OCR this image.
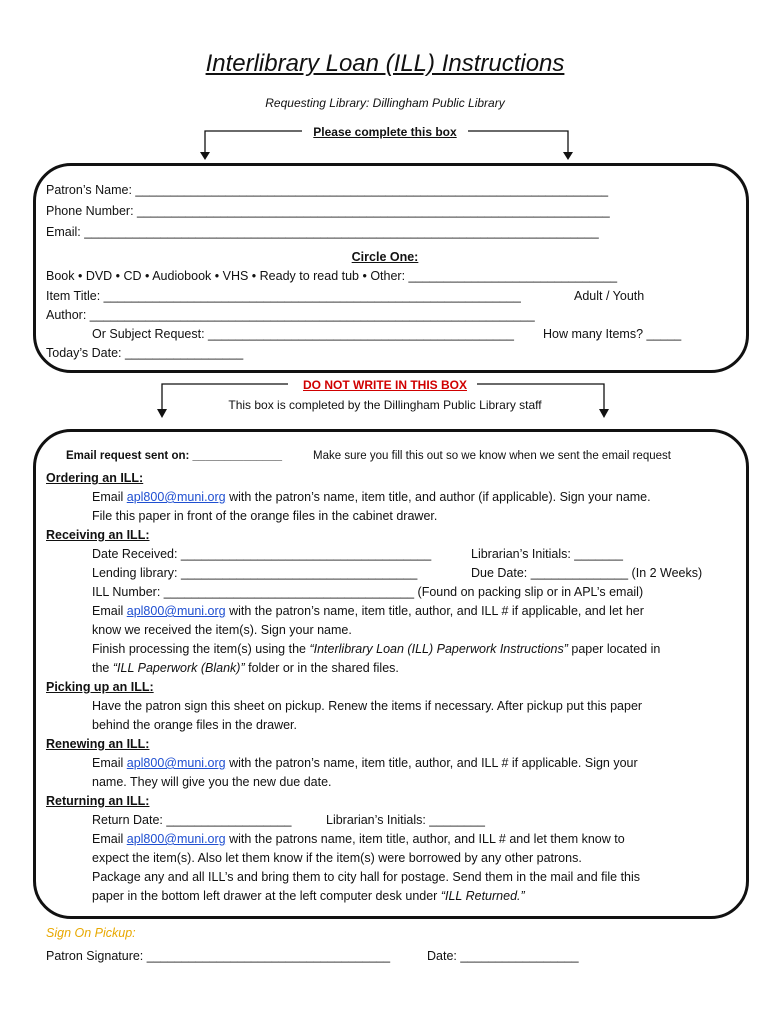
Interlibrary Loan (ILL) Instructions
Requesting Library: Dillingham Public Library
Please complete this box
Patron’s Name: ____________________________________________________________________
Phone Number: ____________________________________________________________________
Email: __________________________________________________________________________
Circle One:
Book • DVD • CD • Audiobook • VHS • Ready to read tub • Other: ______________________________
Item Title: ____________________________________________________________	Adult / Youth
Author: ________________________________________________________________
Or Subject Request: ____________________________________________ How many Items? _____
Today’s Date: _________________
DO NOT WRITE IN THIS BOX
This box is completed by the Dillingham Public Library staff
Email request sent on: ______________	Make sure you fill this out so we know when we sent the email request
Ordering an ILL:
Email apl800@muni.org with the patron’s name, item title, and author (if applicable). Sign your name.
File this paper in front of the orange files in the cabinet drawer.
Receiving an ILL:
Date Received: ____________________________________	Librarian’s Initials: _______
Lending library: __________________________________	Due Date: ______________ (In 2 Weeks)
ILL Number: ____________________________________ (Found on packing slip or in APL’s email)
Email apl800@muni.org with the patron’s name, item title, author, and ILL # if applicable, and let her
know we received the item(s). Sign your name.
Finish processing the item(s) using the “Interlibrary Loan (ILL) Paperwork Instructions” paper located in
the “ILL Paperwork (Blank)” folder or in the shared files.
Picking up an ILL:
Have the patron sign this sheet on pickup. Renew the items if necessary. After pickup put this paper
behind the orange files in the drawer.
Renewing an ILL:
Email apl800@muni.org with the patron’s name, item title, author, and ILL # if applicable. Sign your
name. They will give you the new due date.
Returning an ILL:
Return Date: __________________	Librarian’s Initials: ________
Email apl800@muni.org with the patrons name, item title, author, and ILL # and let them know to
expect the item(s). Also let them know if the item(s) were borrowed by any other patrons.
Package any and all ILL’s and bring them to city hall for postage. Send them in the mail and file this
paper in the bottom left drawer at the left computer desk under “ILL Returned.”
Sign On Pickup:
Patron Signature: ___________________________________	Date: _________________
